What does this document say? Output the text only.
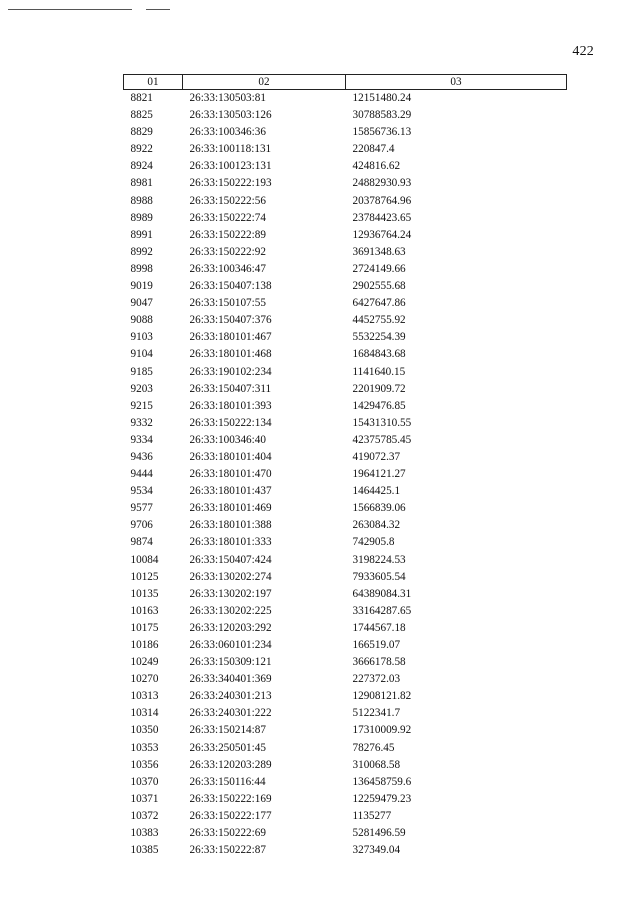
422
01	02	03
8821	26:33:130503:81	12151480.24
8825	26:33:130503:126	30788583.29
8829	26:33:100346:36	15856736.13
8922	26:33:100118:131	220847.4
8924	26:33:100123:131	424816.62
8981	26:33:150222:193	24882930.93
8988	26:33:150222:56	20378764.96
8989	26:33:150222:74	23784423.65
8991	26:33:150222:89	12936764.24
8992	26:33:150222:92	3691348.63
8998	26:33:100346:47	2724149.66
9019	26:33:150407:138	2902555.68
9047	26:33:150107:55	6427647.86
9088	26:33:150407:376	4452755.92
9103	26:33:180101:467	5532254.39
9104	26:33:180101:468	1684843.68
9185	26:33:190102:234	1141640.15
9203	26:33:150407:311	2201909.72
9215	26:33:180101:393	1429476.85
9332	26:33:150222:134	15431310.55
9334	26:33:100346:40	42375785.45
9436	26:33:180101:404	419072.37
9444	26:33:180101:470	1964121.27
9534	26:33:180101:437	1464425.1
9577	26:33:180101:469	1566839.06
9706	26:33:180101:388	263084.32
9874	26:33:180101:333	742905.8
10084	26:33:150407:424	3198224.53
10125	26:33:130202:274	7933605.54
10135	26:33:130202:197	64389084.31
10163	26:33:130202:225	33164287.65
10175	26:33:120203:292	1744567.18
10186	26:33:060101:234	166519.07
10249	26:33:150309:121	3666178.58
10270	26:33:340401:369	227372.03
10313	26:33:240301:213	12908121.82
10314	26:33:240301:222	5122341.7
10350	26:33:150214:87	17310009.92
10353	26:33:250501:45	78276.45
10356	26:33:120203:289	310068.58
10370	26:33:150116:44	136458759.6
10371	26:33:150222:169	12259479.23
10372	26:33:150222:177	1135277
10383	26:33:150222:69	5281496.59
10385	26:33:150222:87	327349.04
